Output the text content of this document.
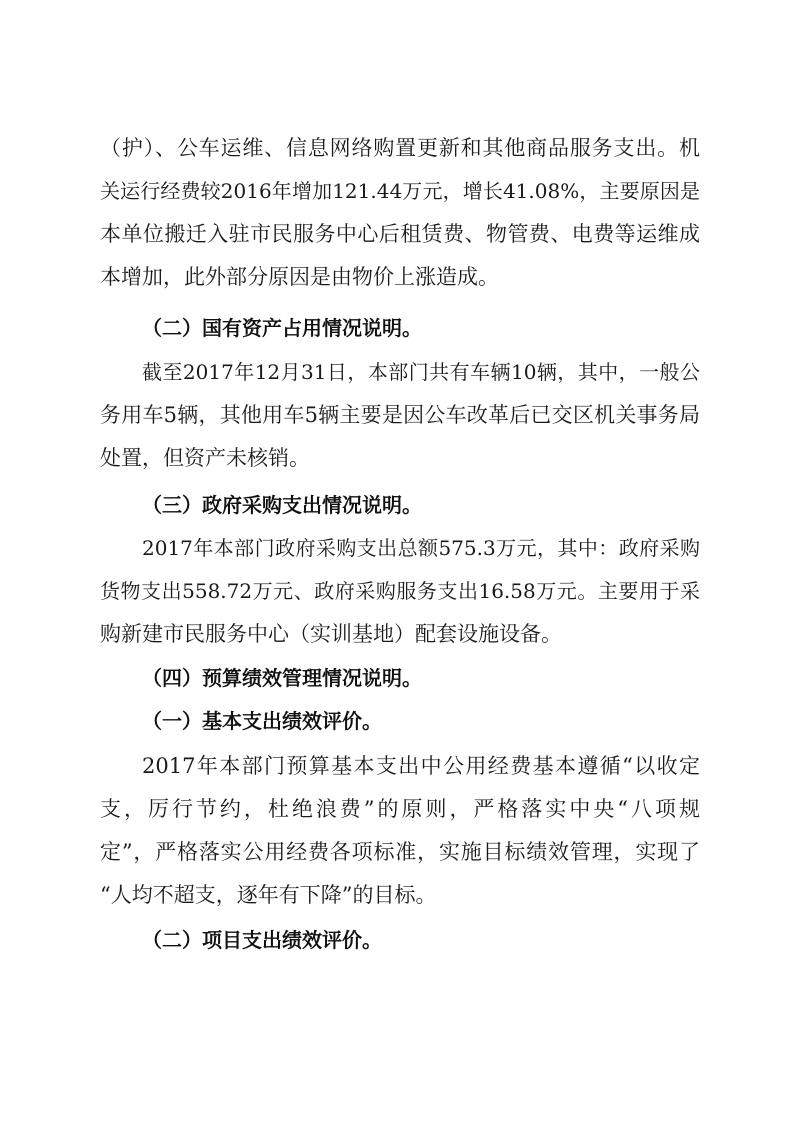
（护）、公车运维、信息网络购置更新和其他商品服务支出。机
关运行经费较2016年增加121.44万元，增长41.08%，主要原因是
本单位搬迁入驻市民服务中心后租赁费、物管费、电费等运维成
本增加，此外部分原因是由物价上涨造成。
（二）国有资产占用情况说明。
截至2017年12月31日，本部门共有车辆10辆，其中，一般公
务用车5辆，其他用车5辆主要是因公车改革后已交区机关事务局
处置，但资产未核销。
（三）政府采购支出情况说明。
2017年本部门政府采购支出总额575.3万元，其中：政府采购
货物支出558.72万元、政府采购服务支出16.58万元。主要用于采
购新建市民服务中心（实训基地）配套设施设备。
（四）预算绩效管理情况说明。
（一）基本支出绩效评价。
2017年本部门预算基本支出中公用经费基本遵循“以收定
支，厉行节约，杜绝浪费”的原则，严格落实中央“八项规
定”，严格落实公用经费各项标准，实施目标绩效管理，实现了
“人均不超支，逐年有下降”的目标。
（二）项目支出绩效评价。
